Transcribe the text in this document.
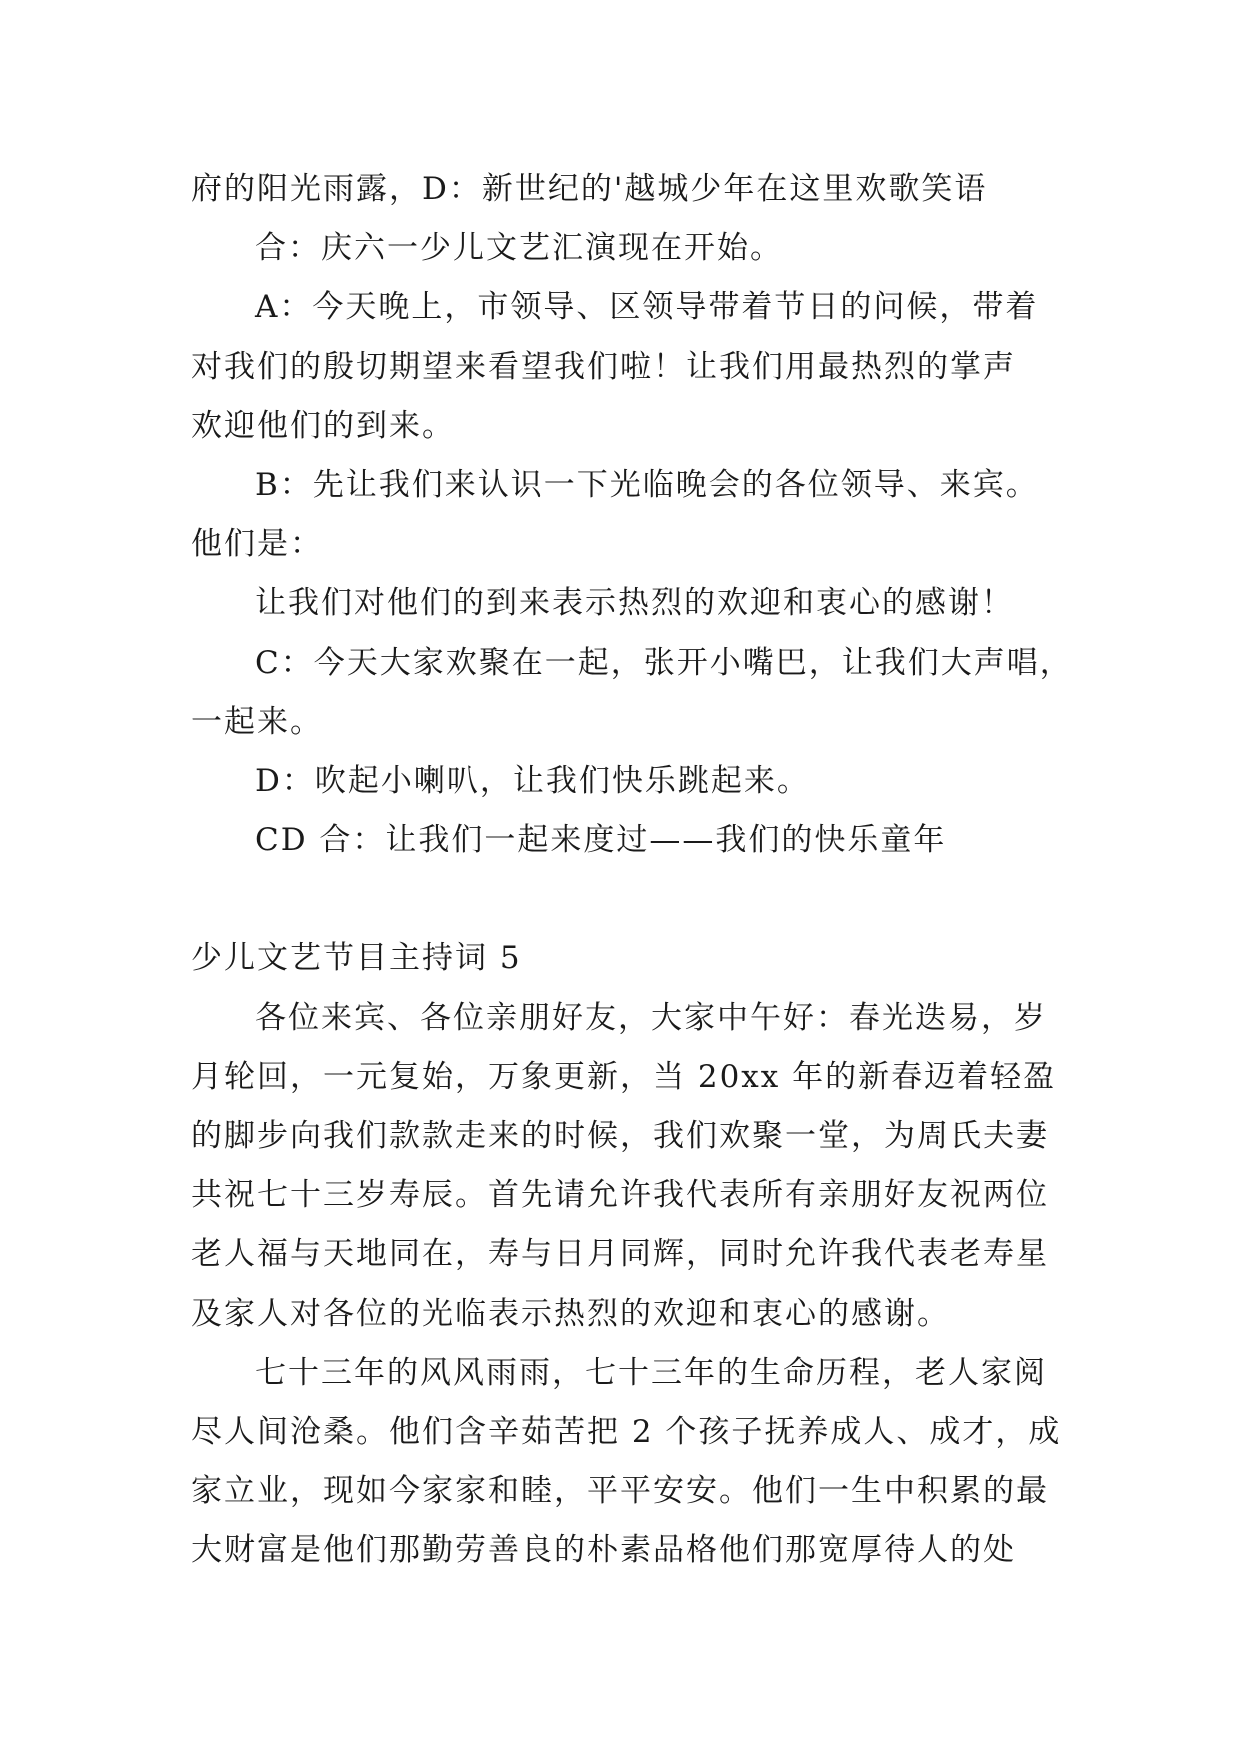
府的阳光雨露，D：新世纪的'越城少年在这里欢歌笑语
合：庆六一少儿文艺汇演现在开始。
A：今天晚上，市领导、区领导带着节日的问候，带着
对我们的殷切期望来看望我们啦！让我们用最热烈的掌声
欢迎他们的到来。
B：先让我们来认识一下光临晚会的各位领导、来宾。
他们是：
让我们对他们的到来表示热烈的欢迎和衷心的感谢！
C：今天大家欢聚在一起，张开小嘴巴，让我们大声唱，
一起来。
D：吹起小喇叭，让我们快乐跳起来。
CD 合：让我们一起来度过——我们的快乐童年
少儿文艺节目主持词 5
各位来宾、各位亲朋好友，大家中午好：春光迭易，岁
月轮回，一元复始，万象更新，当 20xx 年的新春迈着轻盈
的脚步向我们款款走来的时候，我们欢聚一堂，为周氏夫妻
共祝七十三岁寿辰。首先请允许我代表所有亲朋好友祝两位
老人福与天地同在，寿与日月同辉，同时允许我代表老寿星
及家人对各位的光临表示热烈的欢迎和衷心的感谢。
七十三年的风风雨雨，七十三年的生命历程，老人家阅
尽人间沧桑。他们含辛茹苦把 2 个孩子抚养成人、成才，成
家立业，现如今家家和睦，平平安安。他们一生中积累的最
大财富是他们那勤劳善良的朴素品格他们那宽厚待人的处
